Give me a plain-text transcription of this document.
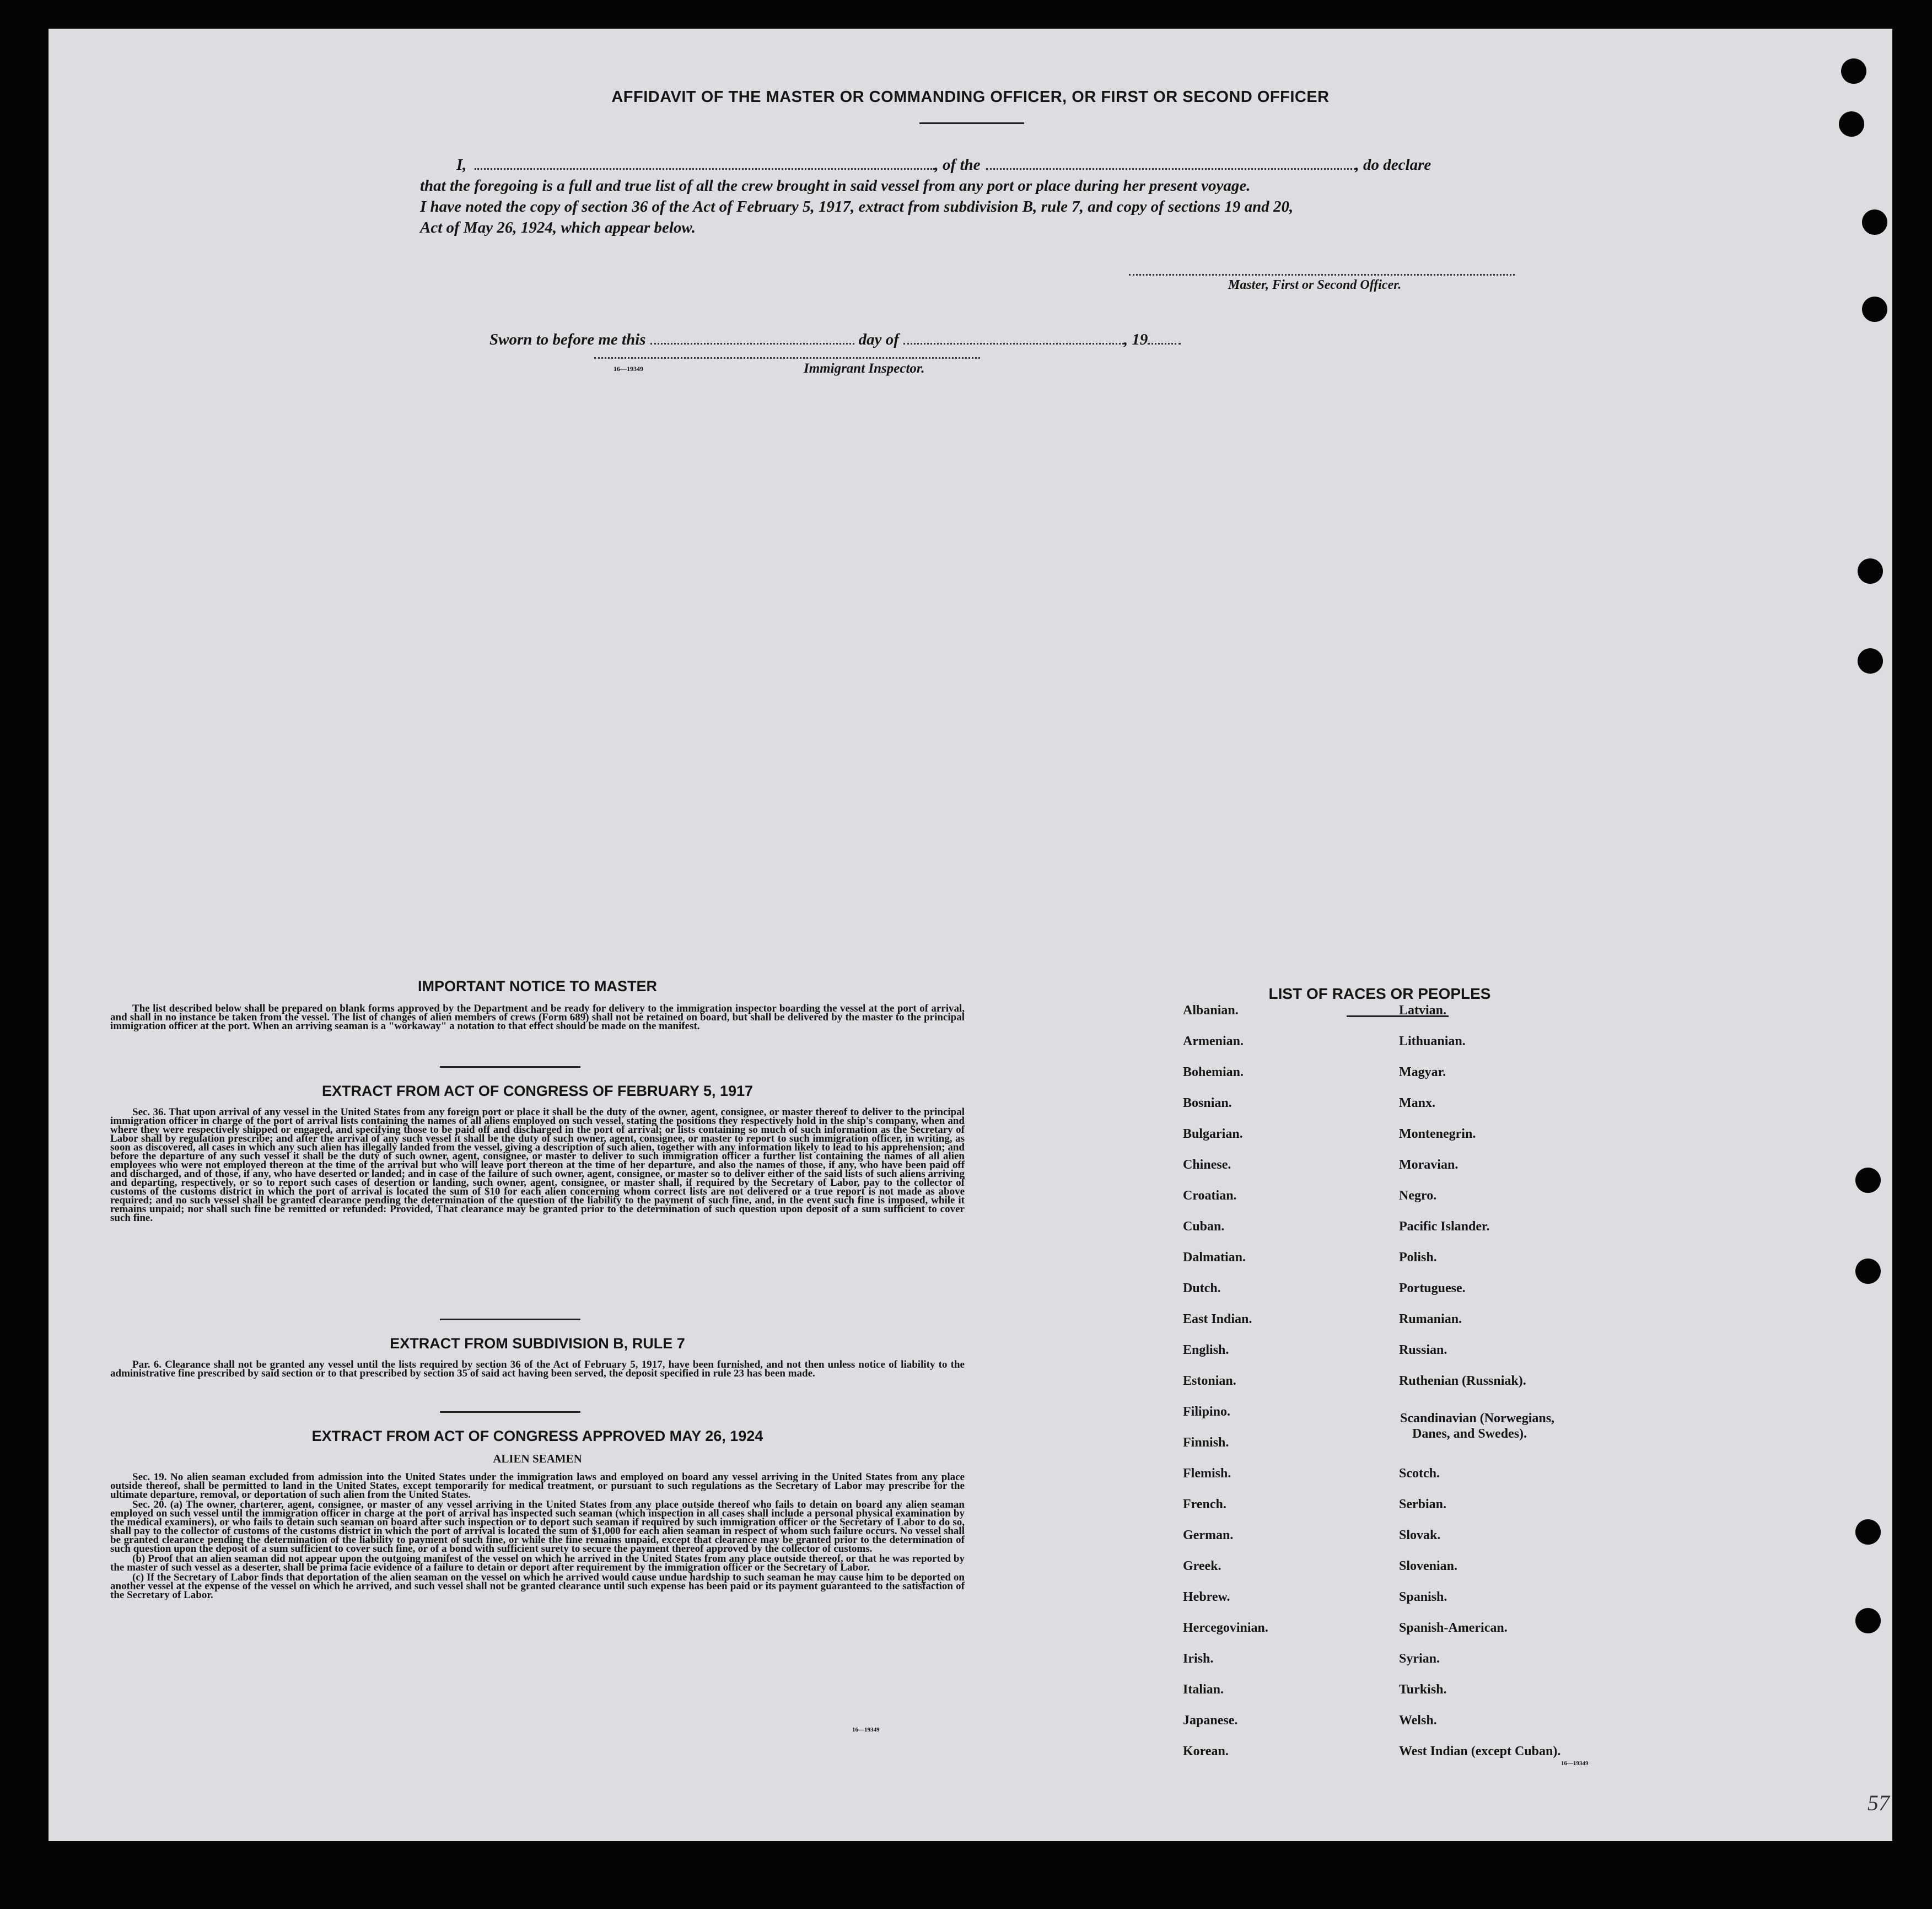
AFFIDAVIT OF THE MASTER OR COMMANDING OFFICER, OR FIRST OR SECOND OFFICER
I,	, of the	, do declare
that the foregoing is a full and true list of all the crew brought in said vessel from any port or place during her present voyage.
I have noted the copy of section 36 of the Act of February 5, 1917, extract from subdivision B, rule 7, and copy of sections 19 and 20,
Act of May 26, 1924, which appear below.
Master, First or Second Officer.
Sworn to before me this	day of	, 19
16—19349	Immigrant Inspector.
IMPORTANT NOTICE TO MASTER

The list described below shall be prepared on blank forms approved by the Department and be ready for delivery to the immigration inspector boarding the vessel at the port of arrival, and shall in no instance be taken from the vessel. The list of changes of alien members of crews (Form 689) shall not be retained on board, but shall be delivered by the master to the principal immigration officer at the port. When an arriving seaman is a "workaway" a notation to that effect should be made on the manifest.

EXTRACT FROM ACT OF CONGRESS OF FEBRUARY 5, 1917

Sec. 36. That upon arrival of any vessel in the United States from any foreign port or place it shall be the duty of the owner, agent, consignee, or master thereof to deliver to the principal immigration officer in charge of the port of arrival lists containing the names of all aliens employed on such vessel, stating the positions they respectively hold in the ship's company, when and where they were respectively shipped or engaged, and specifying those to be paid off and discharged in the port of arrival; or lists containing so much of such information as the Secretary of Labor shall by regulation prescribe; and after the arrival of any such vessel it shall be the duty of such owner, agent, consignee, or master to report to such immigration officer, in writing, as soon as discovered, all cases in which any such alien has illegally landed from the vessel, giving a description of such alien, together with any information likely to lead to his apprehension; and before the departure of any such vessel it shall be the duty of such owner, agent, consignee, or master to deliver to such immigration officer a further list containing the names of all alien employees who were not employed thereon at the time of the arrival but who will leave port thereon at the time of her departure, and also the names of those, if any, who have been paid off and discharged, and of those, if any, who have deserted or landed; and in case of the failure of such owner, agent, consignee, or master so to deliver either of the said lists of such aliens arriving and departing, respectively, or so to report such cases of desertion or landing, such owner, agent, consignee, or master shall, if required by the Secretary of Labor, pay to the collector of customs of the customs district in which the port of arrival is located the sum of $10 for each alien concerning whom correct lists are not delivered or a true report is not made as above required; and no such vessel shall be granted clearance pending the determination of the question of the liability to the payment of such fine, and, in the event such fine is imposed, while it remains unpaid; nor shall such fine be remitted or refunded: Provided, That clearance may be granted prior to the determination of such question upon deposit of a sum sufficient to cover such fine.

EXTRACT FROM SUBDIVISION B, RULE 7

Par. 6. Clearance shall not be granted any vessel until the lists required by section 36 of the Act of February 5, 1917, have been furnished, and not then unless notice of liability to the administrative fine prescribed by said section or to that prescribed by section 35 of said act having been served, the deposit specified in rule 23 has been made.

EXTRACT FROM ACT OF CONGRESS APPROVED MAY 26, 1924
ALIEN SEAMEN

Sec. 19. No alien seaman excluded from admission into the United States under the immigration laws and employed on board any vessel arriving in the United States from any place outside thereof, shall be permitted to land in the United States, except temporarily for medical treatment, or pursuant to such regulations as the Secretary of Labor may prescribe for the ultimate departure, removal, or deportation of such alien from the United States.

Sec. 20. (a) The owner, charterer, agent, consignee, or master of any vessel arriving in the United States from any place outside thereof who fails to detain on board any alien seaman employed on such vessel until the immigration officer in charge at the port of arrival has inspected such seaman (which inspection in all cases shall include a personal physical examination by the medical examiners), or who fails to detain such seaman on board after such inspection or to deport such seaman if required by such immigration officer or the Secretary of Labor to do so, shall pay to the collector of customs of the customs district in which the port of arrival is located the sum of $1,000 for each alien seaman in respect of whom such failure occurs. No vessel shall be granted clearance pending the determination of the liability to payment of such fine, or while the fine remains unpaid, except that clearance may be granted prior to the determination of such question upon the deposit of a sum sufficient to cover such fine, or of a bond with sufficient surety to secure the payment thereof approved by the collector of customs.

(b) Proof that an alien seaman did not appear upon the outgoing manifest of the vessel on which he arrived in the United States from any place outside thereof, or that he was reported by the master of such vessel as a deserter, shall be prima facie evidence of a failure to detain or deport after requirement by the immigration officer or the Secretary of Labor.

(c) If the Secretary of Labor finds that deportation of the alien seaman on the vessel on which he arrived would cause undue hardship to such seaman he may cause him to be deported on another vessel at the expense of the vessel on which he arrived, and such vessel shall not be granted clearance until such expense has been paid or its payment guaranteed to the satisfaction of the Secretary of Labor.

16—19349
LIST OF RACES OR PEOPLES
Albanian.
Armenian.
Bohemian.
Bosnian.
Bulgarian.
Chinese.
Croatian.
Cuban.
Dalmatian.
Dutch.
East Indian.
English.
Estonian.
Filipino.
Finnish.
Flemish.
French.
German.
Greek.
Hebrew.
Hercegovinian.
Irish.
Italian.
Japanese.
Korean.
Latvian.
Lithuanian.
Magyar.
Manx.
Montenegrin.
Moravian.
Negro.
Pacific Islander.
Polish.
Portuguese.
Rumanian.
Russian.
Ruthenian (Russniak).
Scandinavian (Norwegians,
Danes, and Swedes).
Scotch.
Serbian.
Slovak.
Slovenian.
Spanish.
Spanish-American.
Syrian.
Turkish.
Welsh.
West Indian (except Cuban).
16—19349
57
